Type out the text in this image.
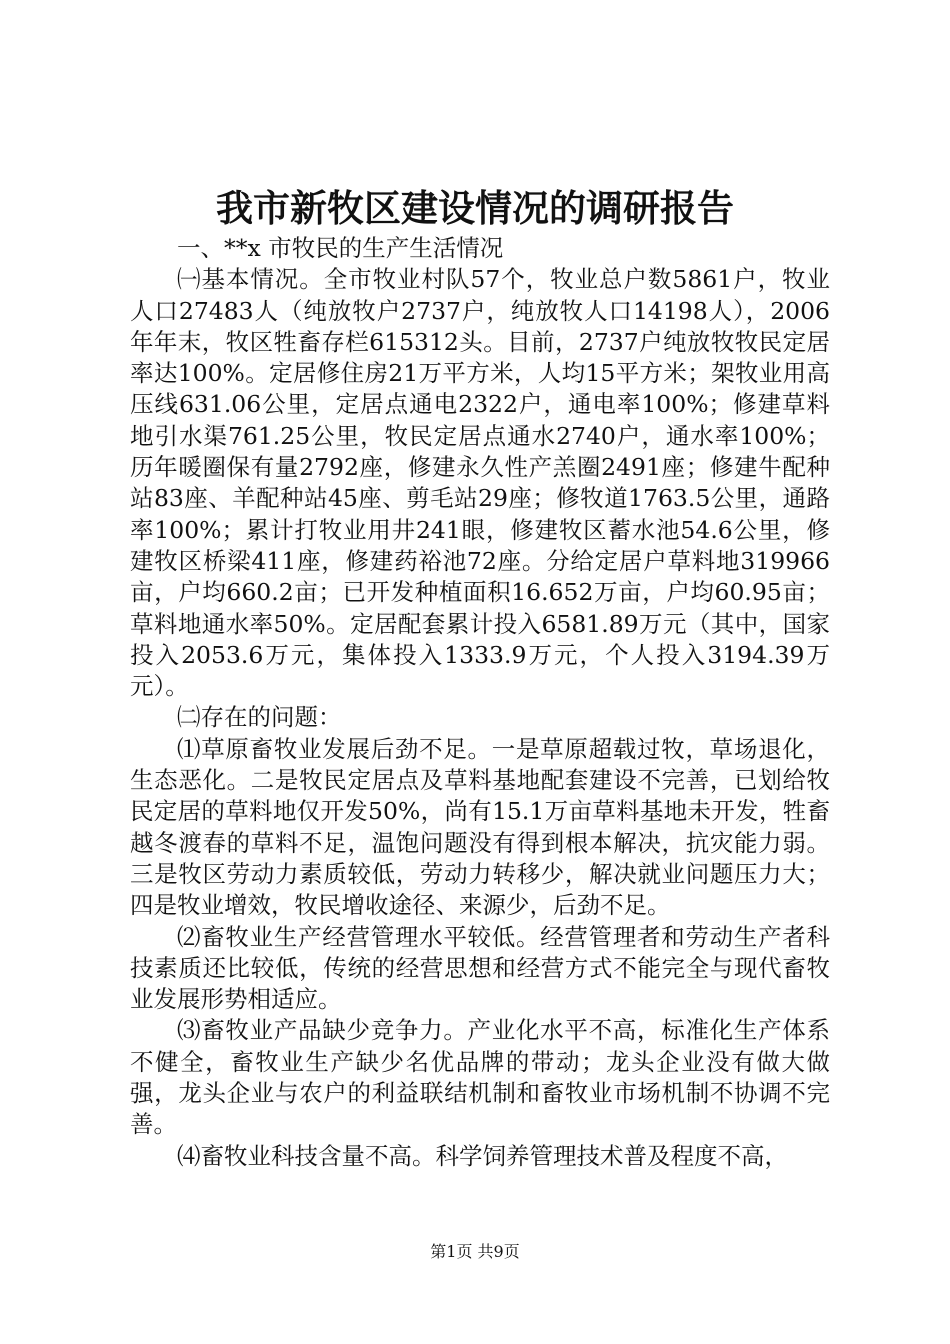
我市新牧区建设情况的调研报告

一、**x 市牧民的生产生活情况

㈠基本情况。全市牧业村队57个，牧业总户数5861户，牧业人口27483人（纯放牧户2737户，纯放牧人口14198人），2006年年末，牧区牲畜存栏615312头。目前，2737户纯放牧牧民定居率达100%。定居修住房21万平方米，人均15平方米；架牧业用高压线631.06公里，定居点通电2322户，通电率100%；修建草料地引水渠761.25公里，牧民定居点通水2740户，通水率100%；历年暖圈保有量2792座，修建永久性产羔圈2491座；修建牛配种站83座、羊配种站45座、剪毛站29座；修牧道1763.5公里，通路率100%；累计打牧业用井241眼，修建牧区蓄水池54.6公里，修建牧区桥梁411座，修建药裕池72座。分给定居户草料地319966亩，户均660.2亩；已开发种植面积16.652万亩，户均60.95亩；草料地通水率50%。定居配套累计投入6581.89万元（其中，国家投入2053.6万元，集体投入1333.9万元，个人投入3194.39万元）。

㈡存在的问题：

⑴草原畜牧业发展后劲不足。一是草原超载过牧，草场退化，生态恶化。二是牧民定居点及草料基地配套建设不完善，已划给牧民定居的草料地仅开发50%，尚有15.1万亩草料基地未开发，牲畜越冬渡春的草料不足，温饱问题没有得到根本解决，抗灾能力弱。三是牧区劳动力素质较低，劳动力转移少，解决就业问题压力大；四是牧业增效，牧民增收途径、来源少，后劲不足。

⑵畜牧业生产经营管理水平较低。经营管理者和劳动生产者科技素质还比较低，传统的经营思想和经营方式不能完全与现代畜牧业发展形势相适应。

⑶畜牧业产品缺少竞争力。产业化水平不高，标准化生产体系不健全，畜牧业生产缺少名优品牌的带动；龙头企业没有做大做强，龙头企业与农户的利益联结机制和畜牧业市场机制不协调不完善。

⑷畜牧业科技含量不高。科学饲养管理技术普及程度不高，

第1页 共9页
